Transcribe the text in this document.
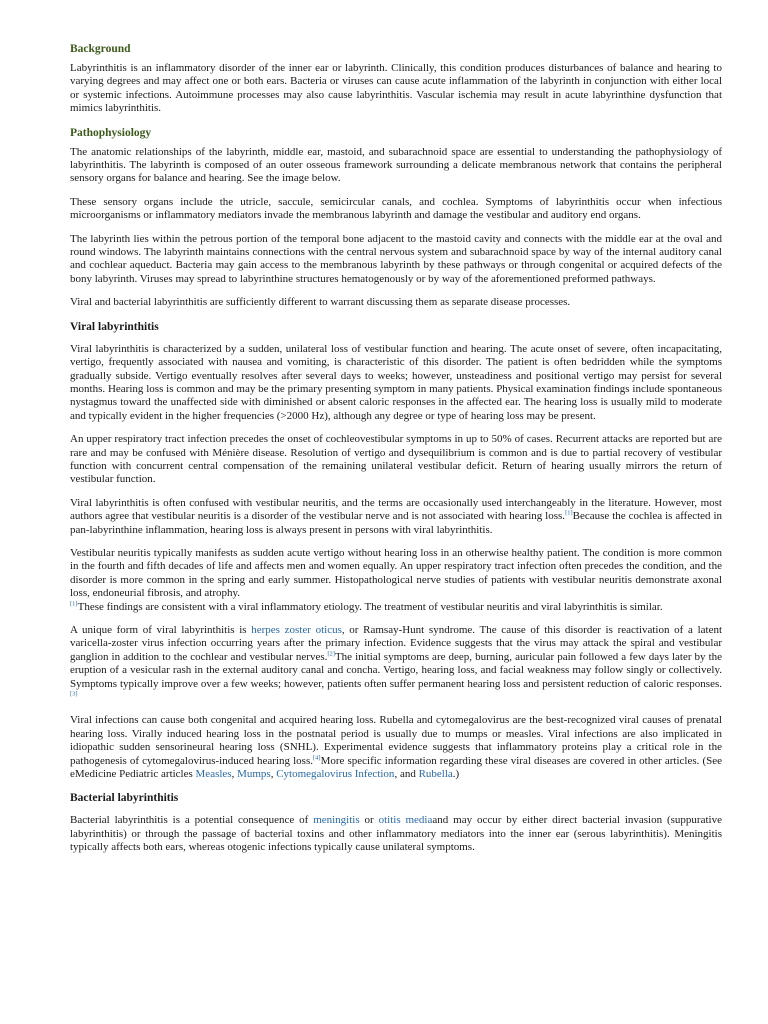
Background

Labyrinthitis is an inflammatory disorder of the inner ear or labyrinth. Clinically, this condition produces disturbances of balance and hearing to varying degrees and may affect one or both ears. Bacteria or viruses can cause acute inflammation of the labyrinth in conjunction with either local or systemic infections. Autoimmune processes may also cause labyrinthitis. Vascular ischemia may result in acute labyrinthine dysfunction that mimics labyrinthitis.

Pathophysiology

The anatomic relationships of the labyrinth, middle ear, mastoid, and subarachnoid space are essential to understanding the pathophysiology of labyrinthitis. The labyrinth is composed of an outer osseous framework surrounding a delicate membranous network that contains the peripheral sensory organs for balance and hearing. See the image below.

These sensory organs include the utricle, saccule, semicircular canals, and cochlea. Symptoms of labyrinthitis occur when infectious microorganisms or inflammatory mediators invade the membranous labyrinth and damage the vestibular and auditory end organs.

The labyrinth lies within the petrous portion of the temporal bone adjacent to the mastoid cavity and connects with the middle ear at the oval and round windows. The labyrinth maintains connections with the central nervous system and subarachnoid space by way of the internal auditory canal and cochlear aqueduct. Bacteria may gain access to the membranous labyrinth by these pathways or through congenital or acquired defects of the bony labyrinth. Viruses may spread to labyrinthine structures hematogenously or by way of the aforementioned preformed pathways.

Viral and bacterial labyrinthitis are sufficiently different to warrant discussing them as separate disease processes.

Viral labyrinthitis

Viral labyrinthitis is characterized by a sudden, unilateral loss of vestibular function and hearing. The acute onset of severe, often incapacitating, vertigo, frequently associated with nausea and vomiting, is characteristic of this disorder. The patient is often bedridden while the symptoms gradually subside. Vertigo eventually resolves after several days to weeks; however, unsteadiness and positional vertigo may persist for several months. Hearing loss is common and may be the primary presenting symptom in many patients. Physical examination findings include spontaneous nystagmus toward the unaffected side with diminished or absent caloric responses in the affected ear. The hearing loss is usually mild to moderate and typically evident in the higher frequencies (>2000 Hz), although any degree or type of hearing loss may be present.

An upper respiratory tract infection precedes the onset of cochleovestibular symptoms in up to 50% of cases. Recurrent attacks are reported but are rare and may be confused with Ménière disease. Resolution of vertigo and dysequilibrium is common and is due to partial recovery of vestibular function with concurrent central compensation of the remaining unilateral vestibular deficit. Return of hearing usually mirrors the return of vestibular function.

Viral labyrinthitis is often confused with vestibular neuritis, and the terms are occasionally used interchangeably in the literature. However, most authors agree that vestibular neuritis is a disorder of the vestibular nerve and is not associated with hearing loss.[1]Because the cochlea is affected in pan-labyrinthine inflammation, hearing loss is always present in persons with viral labyrinthitis.

Vestibular neuritis typically manifests as sudden acute vertigo without hearing loss in an otherwise healthy patient. The condition is more common in the fourth and fifth decades of life and affects men and women equally. An upper respiratory tract infection often precedes the condition, and the disorder is more common in the spring and early summer. Histopathological nerve studies of patients with vestibular neuritis demonstrate axonal loss, endoneurial fibrosis, and atrophy.
[1]These findings are consistent with a viral inflammatory etiology. The treatment of vestibular neuritis and viral labyrinthitis is similar.

A unique form of viral labyrinthitis is herpes zoster oticus, or Ramsay-Hunt syndrome. The cause of this disorder is reactivation of a latent varicella-zoster virus infection occurring years after the primary infection. Evidence suggests that the virus may attack the spiral and vestibular ganglion in addition to the cochlear and vestibular nerves.[2]The initial symptoms are deep, burning, auricular pain followed a few days later by the eruption of a vesicular rash in the external auditory canal and concha. Vertigo, hearing loss, and facial weakness may follow singly or collectively. Symptoms typically improve over a few weeks; however, patients often suffer permanent hearing loss and persistent reduction of caloric responses.[3]

Viral infections can cause both congenital and acquired hearing loss. Rubella and cytomegalovirus are the best-recognized viral causes of prenatal hearing loss. Virally induced hearing loss in the postnatal period is usually due to mumps or measles. Viral infections are also implicated in idiopathic sudden sensorineural hearing loss (SNHL). Experimental evidence suggests that inflammatory proteins play a critical role in the pathogenesis of cytomegalovirus-induced hearing loss.[4]More specific information regarding these viral diseases are covered in other articles. (See eMedicine Pediatric articles Measles, Mumps, Cytomegalovirus Infection, and Rubella.)

Bacterial labyrinthitis

Bacterial labyrinthitis is a potential consequence of meningitis or otitis mediaand may occur by either direct bacterial invasion (suppurative labyrinthitis) or through the passage of bacterial toxins and other inflammatory mediators into the inner ear (serous labyrinthitis). Meningitis typically affects both ears, whereas otogenic infections typically cause unilateral symptoms.
